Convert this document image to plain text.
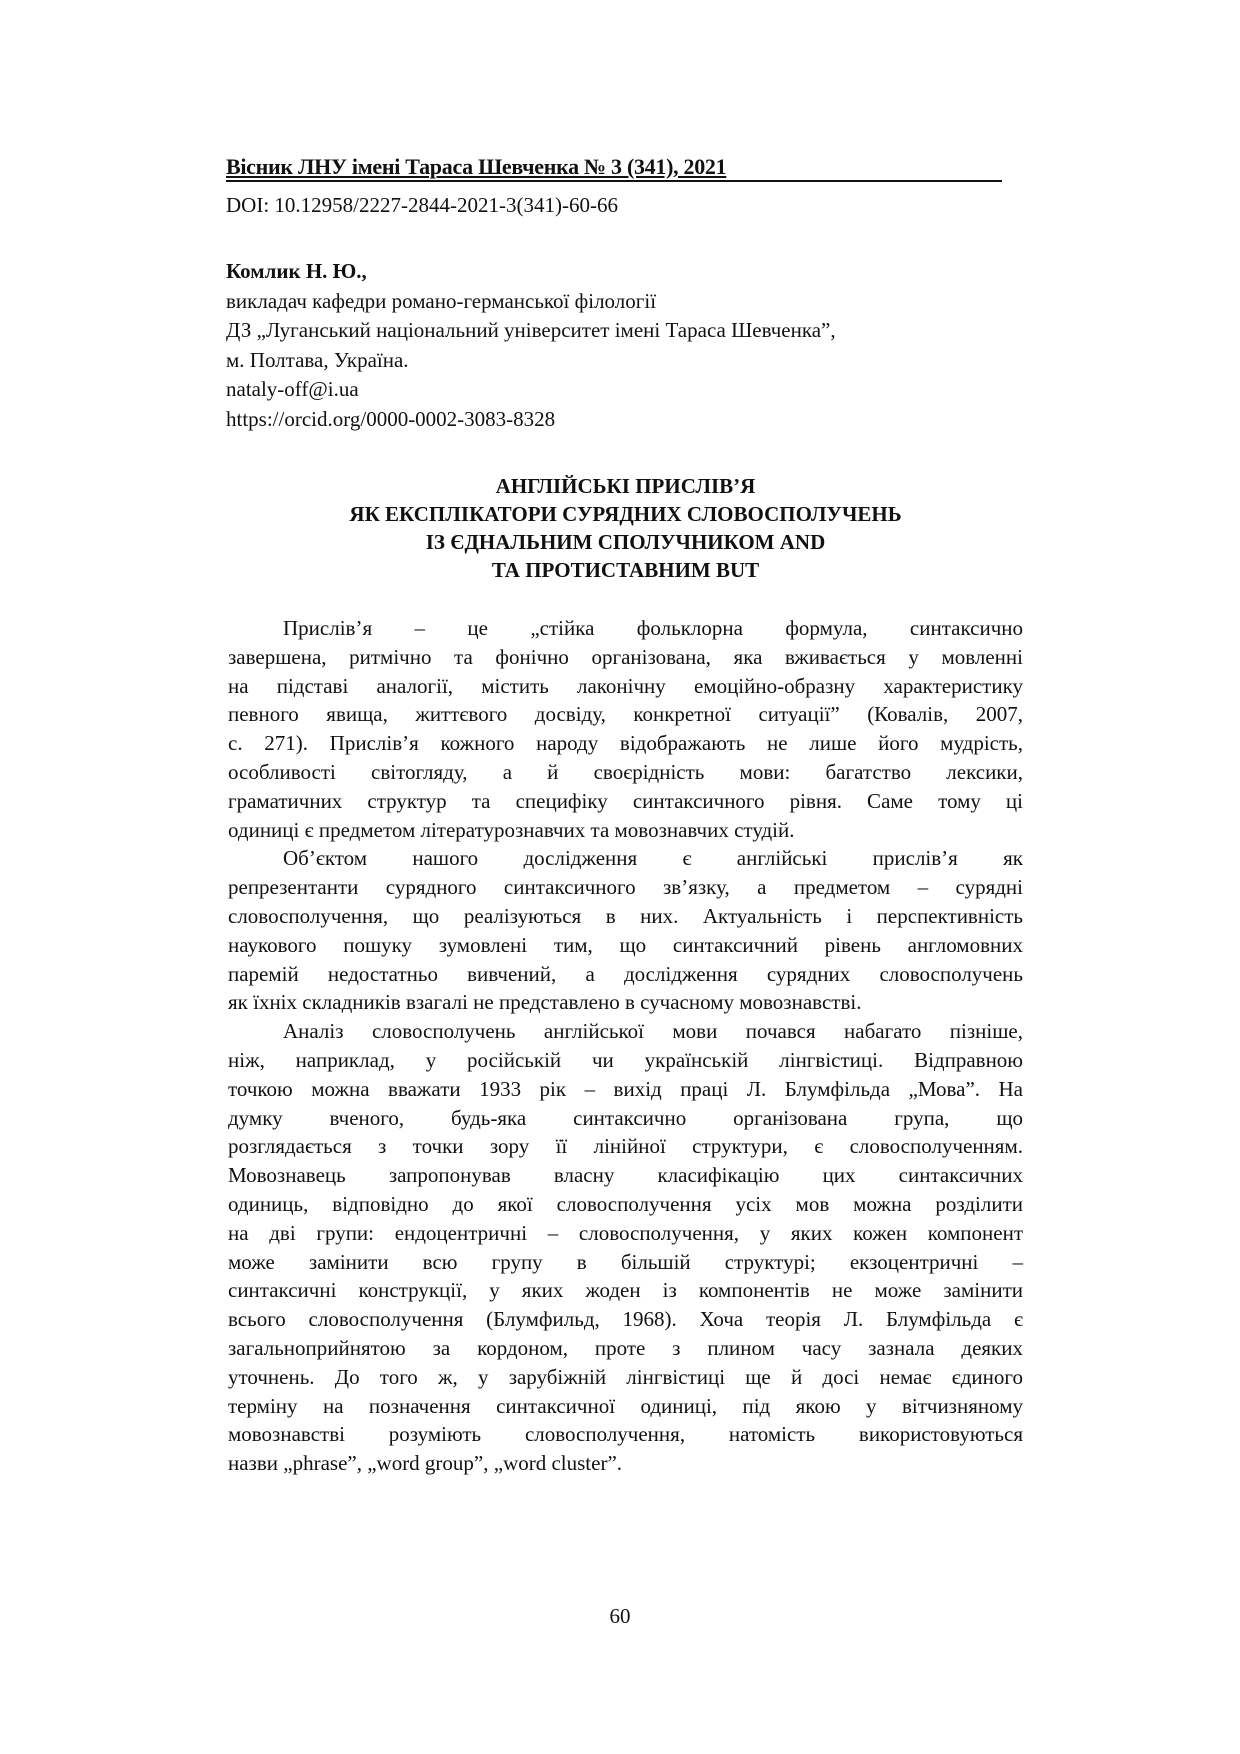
Вісник ЛНУ імені Тараса Шевченка № 3 (341), 2021
DOI: 10.12958/2227-2844-2021-3(341)-60-66
Комлик Н. Ю.,
викладач кафедри романо-германської філології
ДЗ „Луганський національний університет імені Тараса Шевченка”,
м. Полтава, Україна.
nataly-off@i.ua
https://orcid.org/0000-0002-3083-8328
АНГЛІЙСЬКІ ПРИСЛІВ’Я
ЯК ЕКСПЛІКАТОРИ СУРЯДНИХ СЛОВОСПОЛУЧЕНЬ
ІЗ ЄДНАЛЬНИМ СПОЛУЧНИКОМ AND
ТА ПРОТИСТАВНИМ BUT
Прислів’я – це „стійка фольклорна формула, синтаксично
завершена, ритмічно та фонічно організована, яка вживається у мовленні
на підставі аналогії, містить лаконічну емоційно-образну характеристику
певного явища, життєвого досвіду, конкретної ситуації” (Ковалів, 2007,
с. 271). Прислів’я кожного народу відображають не лише його мудрість,
особливості світогляду, а й своєрідність мови: багатство лексики,
граматичних структур та специфіку синтаксичного рівня. Саме тому ці
одиниці є предметом літературознавчих та мовознавчих студій.
Об’єктом нашого дослідження є англійські прислів’я як
репрезентанти сурядного синтаксичного зв’язку, а предметом – сурядні
словосполучення, що реалізуються в них. Актуальність і перспективність
наукового пошуку зумовлені тим, що синтаксичний рівень англомовних
паремій недостатньо вивчений, а дослідження сурядних словосполучень
як їхніх складників взагалі не представлено в сучасному мовознавстві.
Аналіз словосполучень англійської мови почався набагато пізніше,
ніж, наприклад, у російській чи українській лінгвістиці. Відправною
точкою можна вважати 1933 рік – вихід праці Л. Блумфільда „Мова”. На
думку вченого, будь-яка синтаксично організована група, що
розглядається з точки зору її лінійної структури, є словосполученням.
Мовознавець запропонував власну класифікацію цих синтаксичних
одиниць, відповідно до якої словосполучення усіх мов можна розділити
на дві групи: ендоцентричні – словосполучення, у яких кожен компонент
може замінити всю групу в більшій структурі; екзоцентричні –
синтаксичні конструкції, у яких жоден із компонентів не може замінити
всього словосполучення (Блумфильд, 1968). Хоча теорія Л. Блумфільда є
загальноприйнятою за кордоном, проте з плином часу зазнала деяких
уточнень. До того ж, у зарубіжній лінгвістиці ще й досі немає єдиного
терміну на позначення синтаксичної одиниці, під якою у вітчизняному
мовознавстві розуміють словосполучення, натомість використовуються
назви „phrase”, „word group”, „word cluster”.
60
